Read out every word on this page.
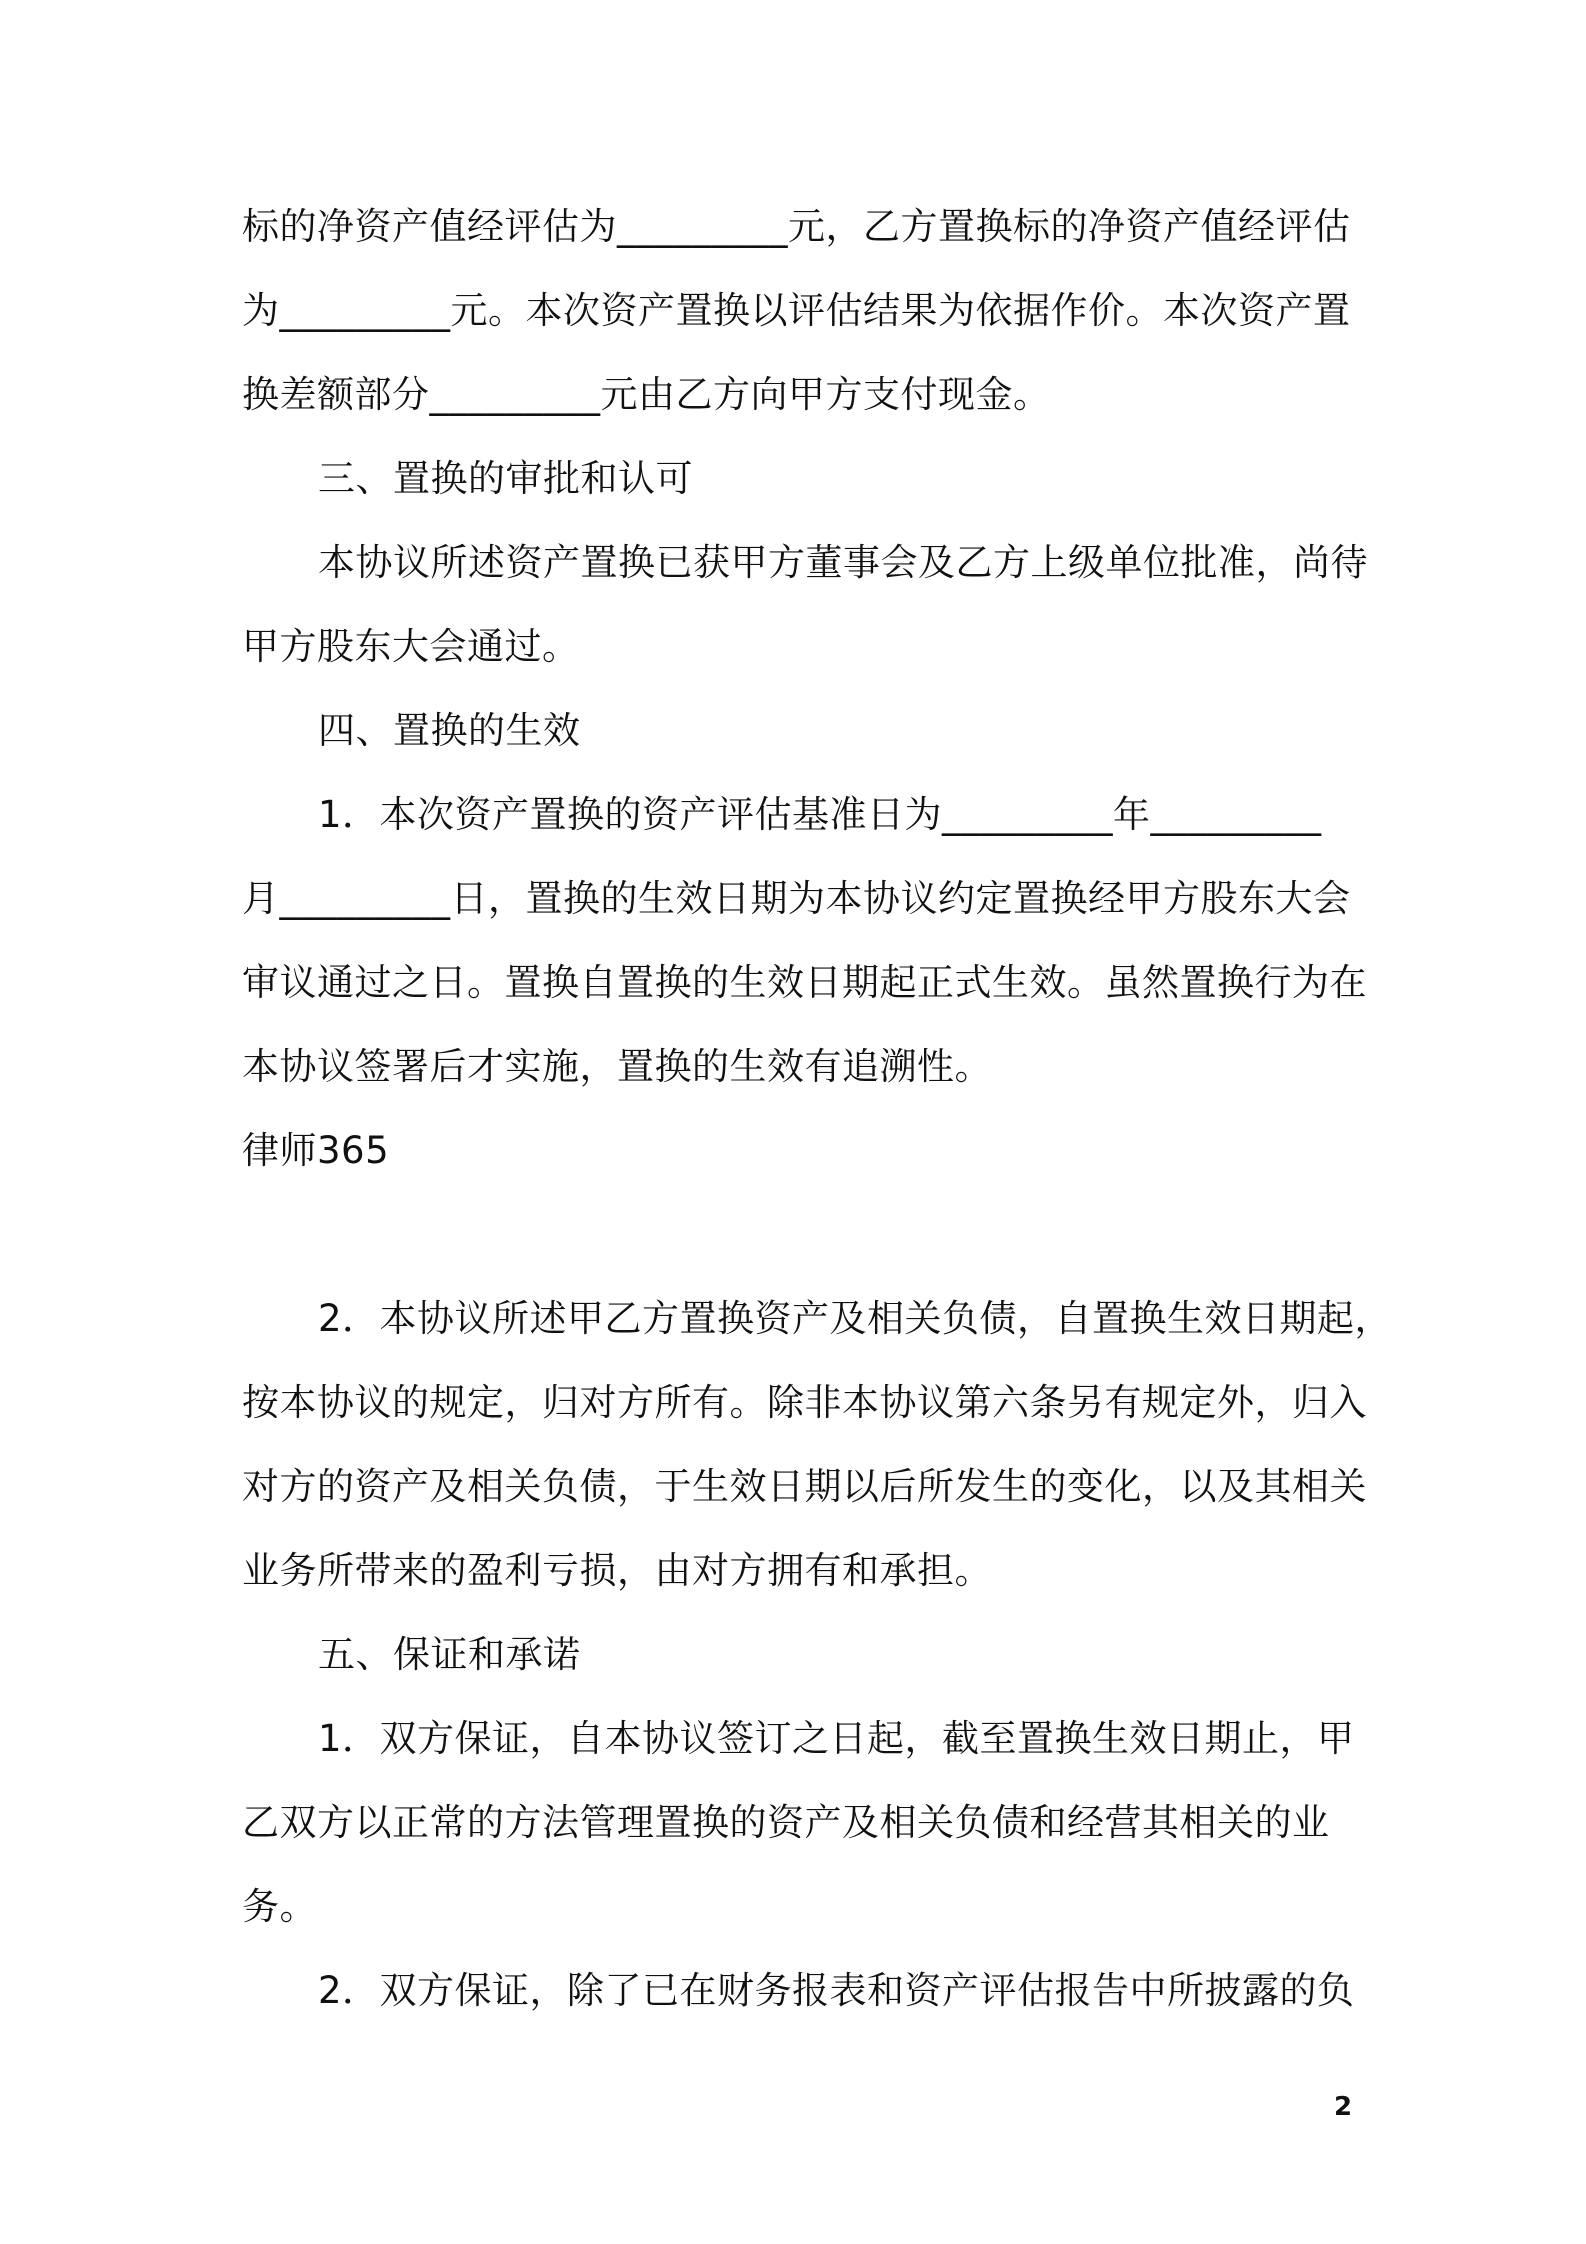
标的净资产值经评估为_________元，乙方置换标的净资产值经评估
为_________元。本次资产置换以评估结果为依据作价。本次资产置
换差额部分_________元由乙方向甲方支付现金。
三、置换的审批和认可
本协议所述资产置换已获甲方董事会及乙方上级单位批准，尚待
甲方股东大会通过。
四、置换的生效
1．本次资产置换的资产评估基准日为_________年_________
月_________日，置换的生效日期为本协议约定置换经甲方股东大会
审议通过之日。置换自置换的生效日期起正式生效。虽然置换行为在
本协议签署后才实施，置换的生效有追溯性。
律师365
2．本协议所述甲乙方置换资产及相关负债，自置换生效日期起，
按本协议的规定，归对方所有。除非本协议第六条另有规定外，归入
对方的资产及相关负债，于生效日期以后所发生的变化，以及其相关
业务所带来的盈利亏损，由对方拥有和承担。
五、保证和承诺
1．双方保证，自本协议签订之日起，截至置换生效日期止，甲
乙双方以正常的方法管理置换的资产及相关负债和经营其相关的业
务。
2．双方保证，除了已在财务报表和资产评估报告中所披露的负
2
